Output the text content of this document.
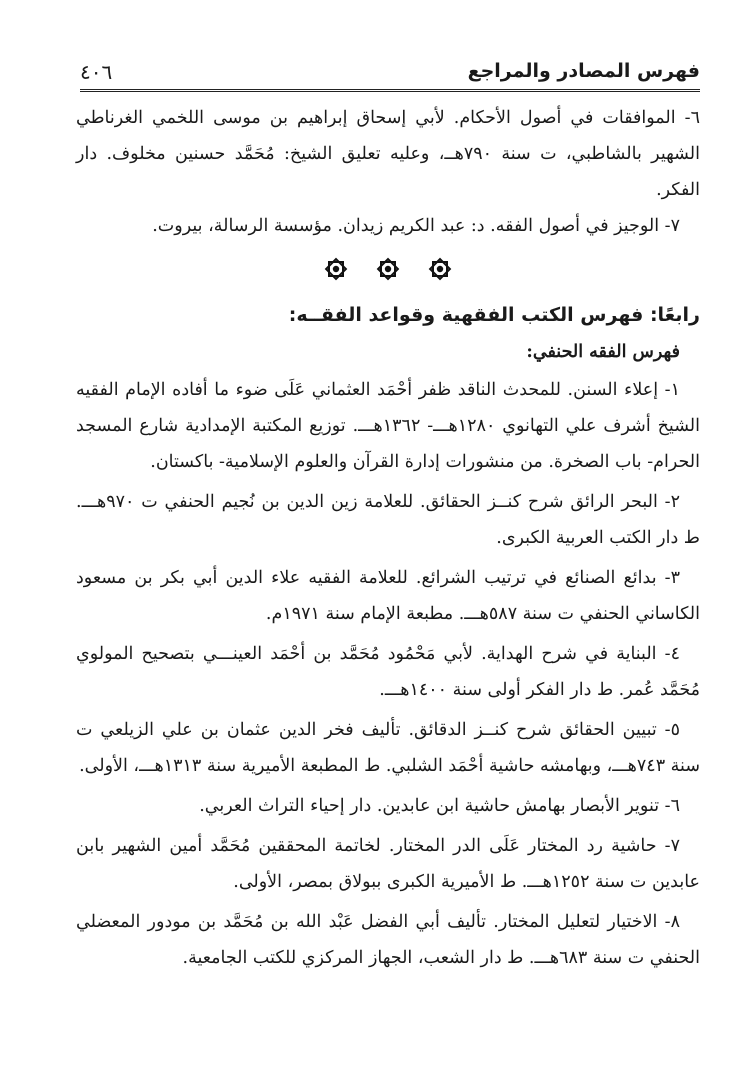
فهرس المصادر والمراجع
٤٠٦

٦- الموافقات في أصول الأحكام. لأبي إسحاق إبراهيم بن موسى اللخمي الغرناطي الشهير بالشاطبي، ت سنة ٧٩٠هــ، وعليه تعليق الشيخ: مُحَمَّد حسنين مخلوف. دار الفكر.

٧- الوجيز في أصول الفقه. د: عبد الكريم زيدان. مؤسسة الرسالة، بيروت.

رابعًا: فهرس الكتب الفقهية وقواعد الفقــه:

فهرس الفقه الحنفي:

١- إعلاء السنن. للمحدث الناقد ظفر أحْمَد العثماني عَلَى ضوء ما أفاده الإمام الفقيه الشيخ أشرف علي التهانوي ١٢٨٠هـــ- ١٣٦٢هـــ. توزيع المكتبة الإمدادية شارع المسجد الحرام- باب الصخرة. من منشورات إدارة القرآن والعلوم الإسلامية- باكستان.

٢- البحر الرائق شرح كنــز الحقائق. للعلامة زين الدين بن نُجيم الحنفي ت ٩٧٠هـــ. ط دار الكتب العربية الكبرى.

٣- بدائع الصنائع في ترتيب الشرائع. للعلامة الفقيه علاء الدين أبي بكر بن مسعود الكاساني الحنفي ت سنة ٥٨٧هـــ. مطبعة الإمام سنة ١٩٧١م.

٤- البناية في شرح الهداية. لأبي مَحْمُود مُحَمَّد بن أحْمَد العينـــي بتصحيح المولوي مُحَمَّد عُمر. ط دار الفكر أولى سنة ١٤٠٠هـــ.

٥- تبيين الحقائق شرح كنــز الدقائق. تأليف فخر الدين عثمان بن علي الزيلعي ت سنة ٧٤٣هـــ، وبهامشه حاشية أحْمَد الشلبي. ط المطبعة الأميرية سنة ١٣١٣هـــ، الأولى.

٦- تنوير الأبصار بهامش حاشية ابن عابدين. دار إحياء التراث العربي.

٧- حاشية رد المختار عَلَى الدر المختار. لخاتمة المحققين مُحَمَّد أمين الشهير بابن عابدين ت سنة ١٢٥٢هـــ. ط الأميرية الكبرى ببولاق بمصر، الأولى.

٨- الاختيار لتعليل المختار. تأليف أبي الفضل عَبْد الله بن مُحَمَّد بن مودور المعضلي الحنفي ت سنة ٦٨٣هـــ. ط دار الشعب، الجهاز المركزي للكتب الجامعية.
